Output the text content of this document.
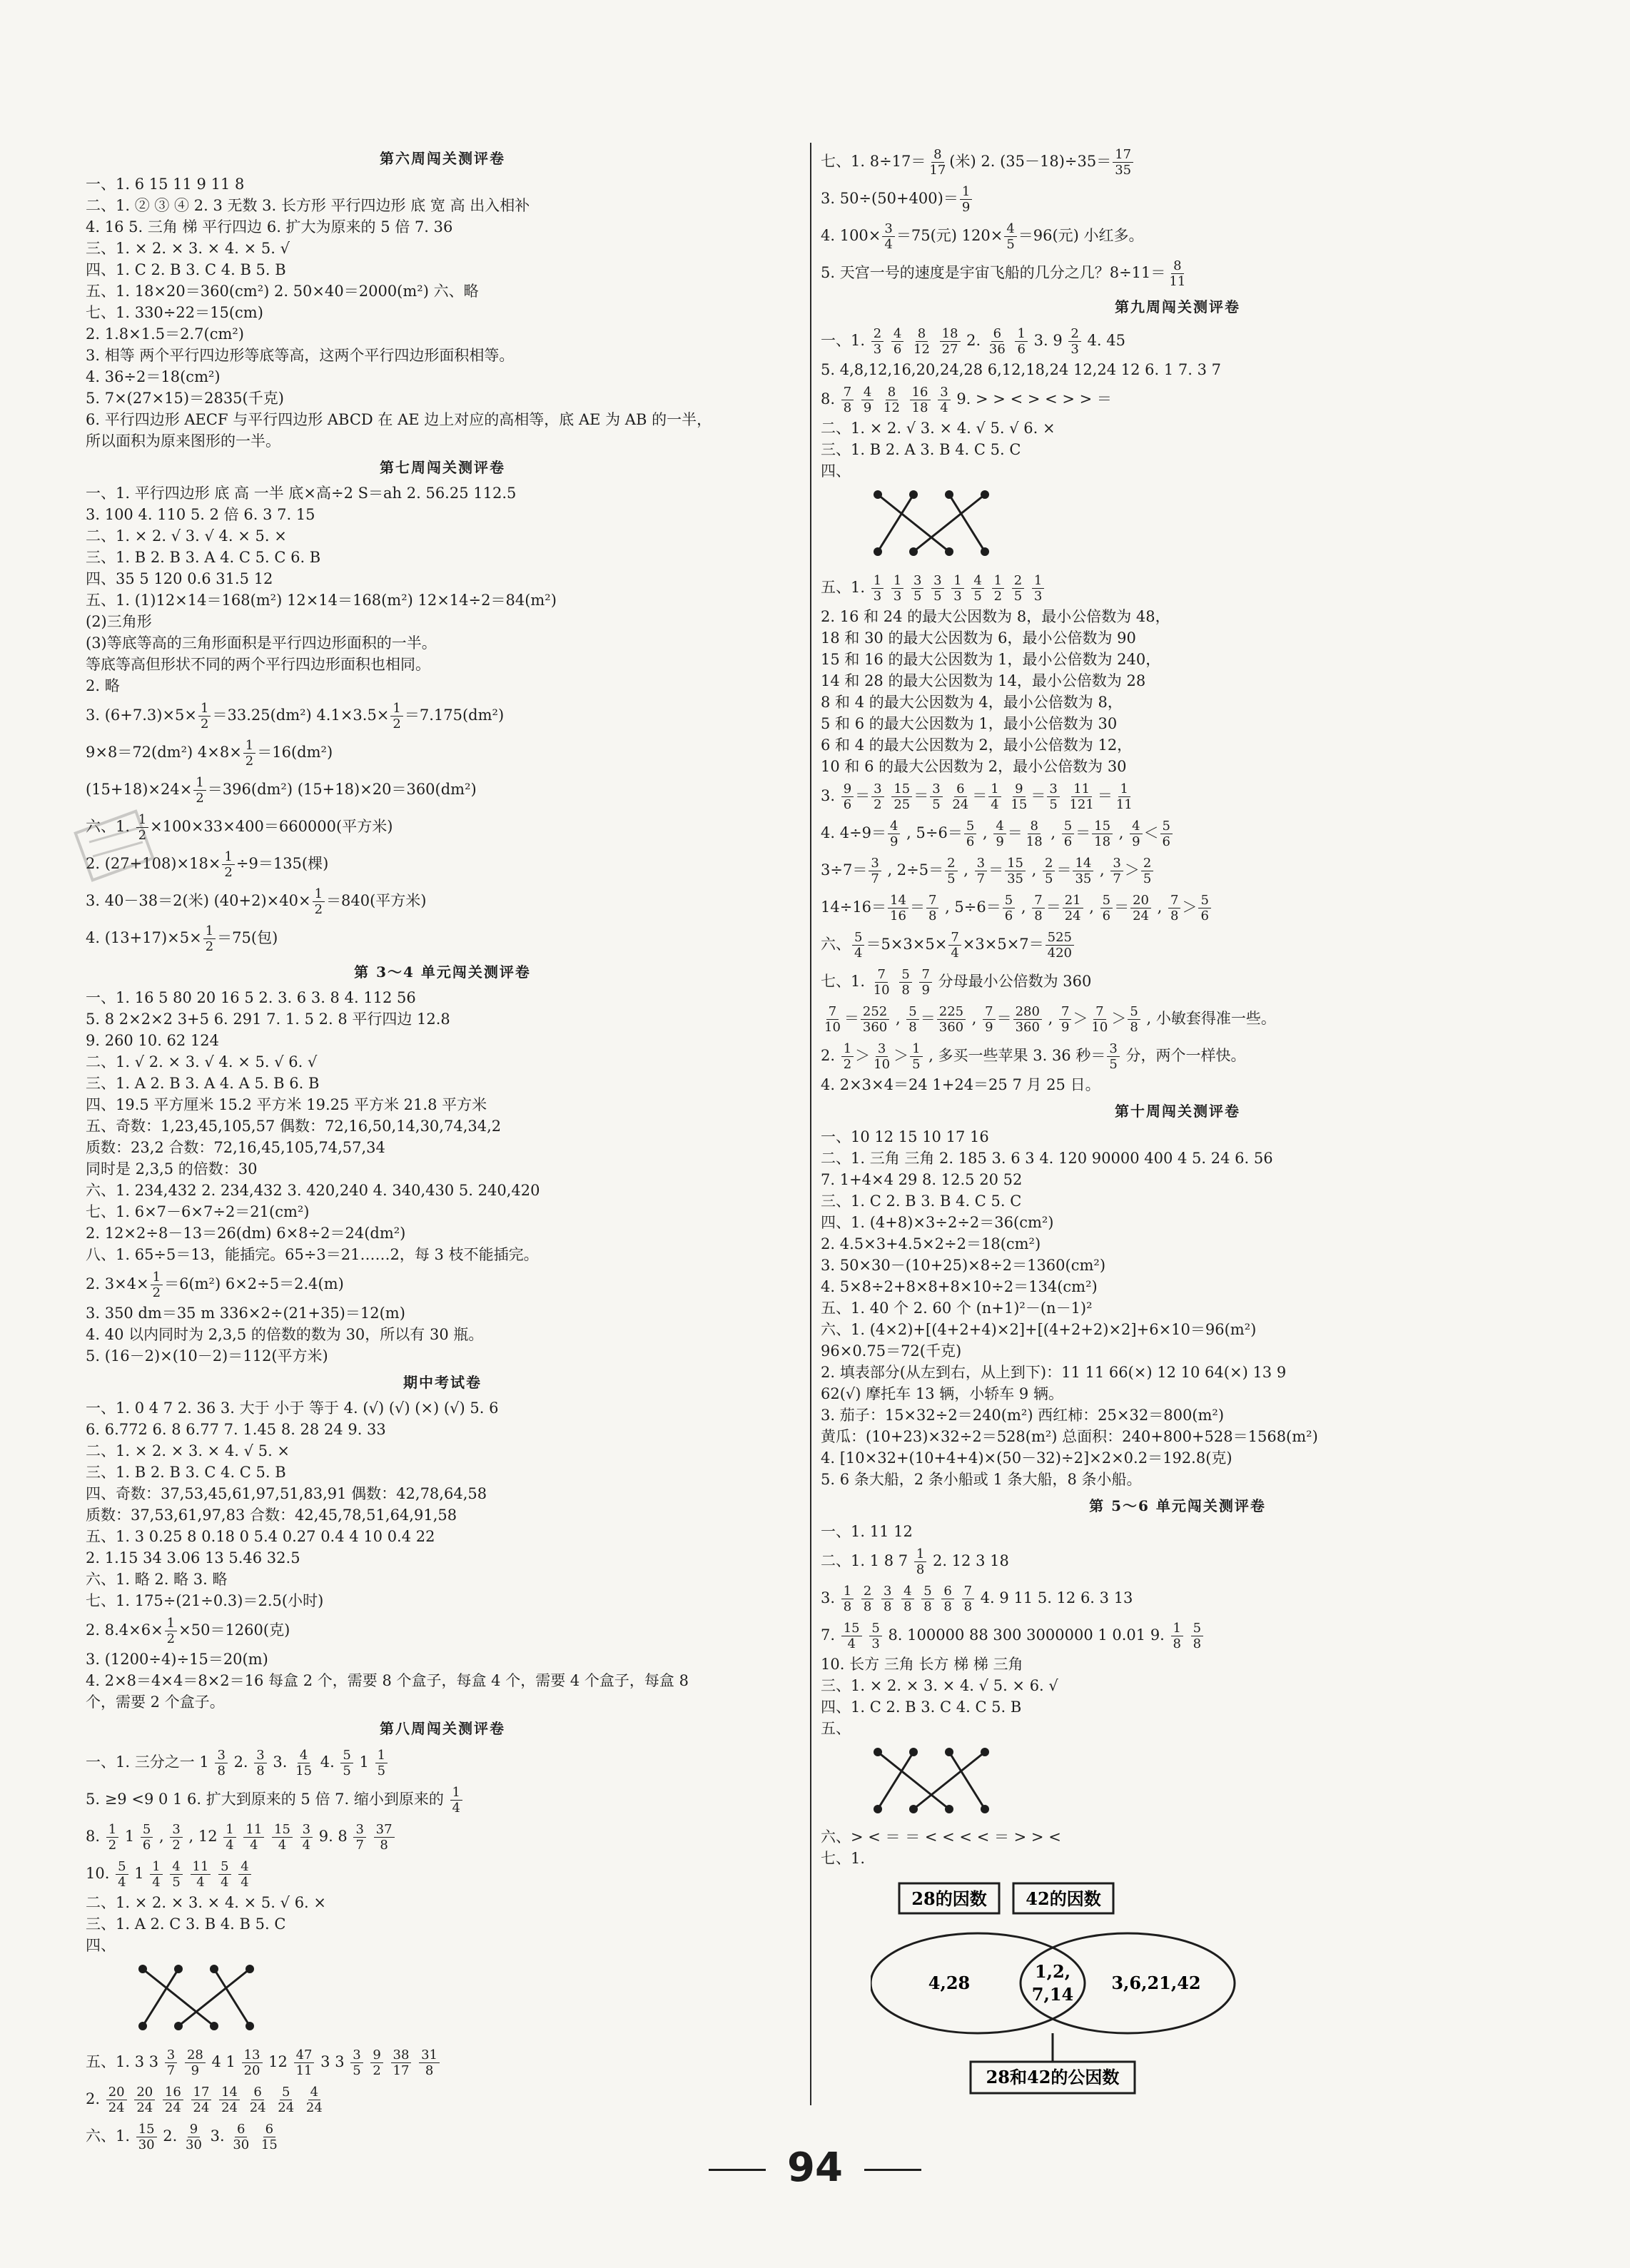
第六周闯关测评卷
一、1. 6 15 11 9 11 8
二、1. ② ③ ④ 2. 3 无数 3. 长方形 平行四边形 底 宽 高 出入相补
4. 16 5. 三角 梯 平行四边 6. 扩大为原来的 5 倍 7. 36
三、1. × 2. × 3. × 4. × 5. √
四、1. C 2. B 3. C 4. B 5. B
五、1. 18×20＝360(cm²) 2. 50×40＝2000(m²) 六、略
七、1. 330÷22＝15(cm)
2. 1.8×1.5＝2.7(cm²)
3. 相等 两个平行四边形等底等高，这两个平行四边形面积相等。
4. 36÷2＝18(cm²)
5. 7×(27×15)＝2835(千克)
6. 平行四边形 AECF 与平行四边形 ABCD 在 AE 边上对应的高相等，底 AE 为 AB 的一半，
所以面积为原来图形的一半。
第七周闯关测评卷
一、1. 平行四边形 底 高 一半 底×高÷2 S＝ah 2. 56.25 112.5
3. 100 4. 110 5. 2 倍 6. 3 7. 15
二、1. × 2. √ 3. √ 4. × 5. ×
三、1. B 2. B 3. A 4. C 5. C 6. B
四、35 5 120 0.6 31.5 12
五、1. (1)12×14＝168(m²) 12×14＝168(m²) 12×14÷2＝84(m²)
(2)三角形
(3)等底等高的三角形面积是平行四边形面积的一半。
等底等高但形状不同的两个平行四边形面积也相同。
2. 略
3. $(6+7.3)\times 5\times \frac{1}{2} =33.25(dm^2)$ $4.1\times 3.5\times \frac{1}{2} =7.175(dm^2)$
9×8＝72(dm²) $4\times 8\times \frac{1}{2} =16(dm^2)$
$(15+18)\times 24\times \frac{1}{2} =396(dm^2)$ (15+18)×20＝360(dm²)
六、1. $\frac{1}{2} \times 100\times 33\times 400=660000$(平方米)
2. $(27+108)\times 18\times \frac{1}{2} \div 9=135$(棵)
3. 40－38＝2(米) $(40+2)\times 40\times \frac{1}{2} =840$(平方米)
4. $(13+17)\times 5\times \frac{1}{2} =75$(包)
第 3～4 单元闯关测评卷
一、1. 16 5 80 20 16 5 2. 3. 6 3. 8 4. 112 56
5. 8 2×2×2 3+5 6. 291 7. 1. 5 2. 8 平行四边 12.8
9. 260 10. 62 124
二、1. √ 2. × 3. √ 4. × 5. √ 6. √
三、1. A 2. B 3. A 4. A 5. B 6. B
四、19.5 平方厘米 15.2 平方米 19.25 平方米 21.8 平方米
五、奇数：1,23,45,105,57 偶数：72,16,50,14,30,74,34,2
质数：23,2 合数：72,16,45,105,74,57,34
同时是 2,3,5 的倍数：30
六、1. 234,432 2. 234,432 3. 420,240 4. 340,430 5. 240,420
七、1. 6×7－6×7÷2＝21(cm²)
2. 12×2÷8－13＝26(dm) 6×8÷2＝24(dm²)
八、1. 65÷5＝13，能插完。65÷3＝21……2，每 3 枝不能插完。
2. $3\times 4\times \frac{1}{2} =6(m^2)$ 6×2÷5＝2.4(m)
3. 350 dm＝35 m 336×2÷(21+35)＝12(m)
4. 40 以内同时为 2,3,5 的倍数的数为 30，所以有 30 瓶。
5. (16－2)×(10－2)＝112(平方米)
期中考试卷
一、1. 0 4 7 2. 36 3. 大于 小于 等于 4. (√) (√) (×) (√) 5. 6
6. 6.772 6. 8 6.77 7. 1.45 8. 28 24 9. 33
二、1. × 2. × 3. × 4. √ 5. ×
三、1. B 2. B 3. C 4. C 5. B
四、奇数：37,53,45,61,97,51,83,91 偶数：42,78,64,58
质数：37,53,61,97,83 合数：42,45,78,51,64,91,58
五、1. 3 0.25 8 0.18 0 5.4 0.27 0.4 4 10 0.4 22
2. 1.15 34 3.06 13 5.46 32.5
六、1. 略 2. 略 3. 略
七、1. 175÷(21÷0.3)＝2.5(小时)
2. $8.4\times 6\times \frac{1}{2} \times 50=1260$(克)
3. (1200÷4)÷15＝20(m)
4. 2×8＝4×4＝8×2＝16 每盒 2 个，需要 8 个盒子，每盒 4 个，需要 4 个盒子，每盒 8
个，需要 2 个盒子。
第八周闯关测评卷
一、1. 三分之一 $1 \frac{3}{8} 2$. $\frac{3}{8} 3$. $\frac{4}{15} 4$. $\frac{5}{5} 1 \frac{1}{5}$
5. ≥9 <9 0 1 6. 扩大到原来的 5 倍 7. 缩小到原来的 $\frac{1}{4}$
8. $\frac{1}{2} 1 \frac{5}{6}$ , $\frac{3}{2}$ , $12 \frac{1}{4}$
$\frac{11}{4}$
$\frac{15}{4}$
$\frac{3}{4} 9$. $8 \frac{3}{7}$
$\frac{37}{8}$
10. $\frac{5}{4} 1 \frac{1}{4}$
$\frac{4}{5}$
$\frac{11}{4}$
$\frac{5}{4}$
$\frac{4}{4}$
二、1. × 2. × 3. × 4. × 5. √ 6. ×
三、1. A 2. C 3. B 4. B 5. C
四、
五、1. 3 $3 \frac{3}{7}$
$\frac{28}{9} 4$ $1 \frac{13}{20} 12 \frac{47}{11} 3$ $3 \frac{3}{5}$
$\frac{9}{2}$
$\frac{38}{17}$
$\frac{31}{8}$
2. $\frac{20}{24}$
$\frac{20}{24}$
$\frac{16}{24}$
$\frac{17}{24}$
$\frac{14}{24}$
$\frac{6}{24}$
$\frac{5}{24}$
$\frac{4}{24}$
六、1. $\frac{15}{30} 2$. $\frac{9}{30} 3$. $\frac{6}{30}$
$\frac{6}{15}$
七、1. $8\div 17= \frac{8}{17}$ (米) 2. $(35-18)\div 35= \frac{17}{35}$
3. $50\div(50+400)= \frac{1}{9}$
4. $100\times \frac{3}{4} =75$(元) $120\times \frac{4}{5} =96$(元) 小红多。
5. 天宫一号的速度是宇宙飞船的几分之几？$8\div 11= \frac{8}{11}$
第九周闯关测评卷
一、1. $\frac{2}{3}$
$\frac{4}{6}$
$\frac{8}{12}$
$\frac{18}{27} 2$. $\frac{6}{36}$
$\frac{1}{6} 3$. $9 \frac{2}{3} 4$. 45
5. 4,8,12,16,20,24,28 6,12,18,24 12,24 12 6. 1 7. 3 7
8. $\frac{7}{8}$
$\frac{4}{9}$
$\frac{8}{12}$
$\frac{16}{18}$
$\frac{3}{4} 9$. > > < > < > > ＝
二、1. × 2. √ 3. × 4. √ 5. √ 6. ×
三、1. B 2. A 3. B 4. C 5. C
四、
五、1. $\frac{1}{3}$
$\frac{1}{3}$
$\frac{3}{5}$
$\frac{3}{5}$
$\frac{1}{3}$
$\frac{4}{5}$
$\frac{1}{2}$
$\frac{2}{5}$
$\frac{1}{3}$
2. 16 和 24 的最大公因数为 8，最小公倍数为 48，
18 和 30 的最大公因数为 6，最小公倍数为 90
15 和 16 的最大公因数为 1，最小公倍数为 240，
14 和 28 的最大公因数为 14，最小公倍数为 28
8 和 4 的最大公因数为 4，最小公倍数为 8，
5 和 6 的最大公因数为 1，最小公倍数为 30
6 和 4 的最大公因数为 2，最小公倍数为 12，
10 和 6 的最大公因数为 2，最小公倍数为 30
3. $\frac{9}{6} = \frac{3}{2}$
$\frac{15}{25} = \frac{3}{5}$
$\frac{6}{24} = \frac{1}{4}$
$\frac{9}{15} = \frac{3}{5}$
$\frac{11}{121} = \frac{1}{11}$
4. $4\div 9= \frac{4}{9}$ , $5\div 6= \frac{5}{6}$ , $\frac{4}{9} = \frac{8}{18}$ , $\frac{5}{6} = \frac{15}{18}$ , $\frac{4}{9} < \frac{5}{6}$
$3\div 7= \frac{3}{7}$ , $2\div 5= \frac{2}{5}$ , $\frac{3}{7} = \frac{15}{35}$ , $\frac{2}{5} = \frac{14}{35}$ , $\frac{3}{7} > \frac{2}{5}$
$14\div 16= \frac{14}{16} = \frac{7}{8}$ , $5\div 6= \frac{5}{6}$ , $\frac{7}{8} = \frac{21}{24}$ , $\frac{5}{6} = \frac{20}{24}$ , $\frac{7}{8} > \frac{5}{6}$
六、 $\frac{5}{4} =5\times 3\times 5\times \frac{7}{4} \times 3\times 5\times 7= \frac{525}{420}$
七、1. $\frac{7}{10}$
$\frac{5}{8}$
$\frac{7}{9}$ 分母最小公倍数为 360
$\frac{7}{10} = \frac{252}{360}$ , $\frac{5}{8} = \frac{225}{360}$ , $\frac{7}{9} = \frac{280}{360}$ , $\frac{7}{9} > \frac{7}{10} > \frac{5}{8}$ , 小敏套得准一些。
2. $\frac{1}{2} > \frac{3}{10} > \frac{1}{5}$ , 多买一些苹果 3. 36 秒＝ $\frac{3}{5}$ 分，两个一样快。
4. 2×3×4＝24 1+24＝25 7 月 25 日。
第十周闯关测评卷
一、10 12 15 10 17 16
二、1. 三角 三角 2. 185 3. 6 3 4. 120 90000 400 4 5. 24 6. 56
7. 1+4×4 29 8. 12.5 20 52
三、1. C 2. B 3. B 4. C 5. C
四、1. (4+8)×3÷2÷2＝36(cm²)
2. 4.5×3+4.5×2÷2＝18(cm²)
3. 50×30－(10+25)×8÷2＝1360(cm²)
4. 5×8÷2+8×8+8×10÷2＝134(cm²)
五、1. 40 个 2. 60 个 (n+1)²－(n－1)²
六、1. (4×2)+[(4+2+4)×2]+[(4+2+2)×2]+6×10＝96(m²)
96×0.75＝72(千克)
2. 填表部分(从左到右，从上到下)：11 11 66(×) 12 10 64(×) 13 9
62(√) 摩托车 13 辆，小轿车 9 辆。
3. 茄子：15×32÷2＝240(m²) 西红柿：25×32＝800(m²)
黄瓜：(10+23)×32÷2＝528(m²) 总面积：240+800+528＝1568(m²)
4. [10×32+(10+4+4)×(50－32)÷2]×2×0.2＝192.8(克)
5. 6 条大船，2 条小船或 1 条大船，8 条小船。
第 5～6 单元闯关测评卷
一、1. 11 12
二、1. 1 8 $7 \frac{1}{8} 2$. 12 3 18
3. $\frac{1}{8}$
$\frac{2}{8}$
$\frac{3}{8}$
$\frac{4}{8}$
$\frac{5}{8}$
$\frac{6}{8}$
$\frac{7}{8} 4$. 9 11 5. 12 6. 3 13
7. $\frac{15}{4}$
$\frac{5}{3} 8$. 100000 88 300 3000000 1 0.01 9. $\frac{1}{8}$
$\frac{5}{8}$
10. 长方 三角 长方 梯 梯 三角
三、1. × 2. × 3. × 4. √ 5. × 6. √
四、1. C 2. B 3. C 4. C 5. B
五、
六、> < ＝ ＝ < < < < ＝ > > <
七、1.
28的因数 42的因数
4,28
1,2,
7,14
3,6,21,42
28和42的公因数
94
